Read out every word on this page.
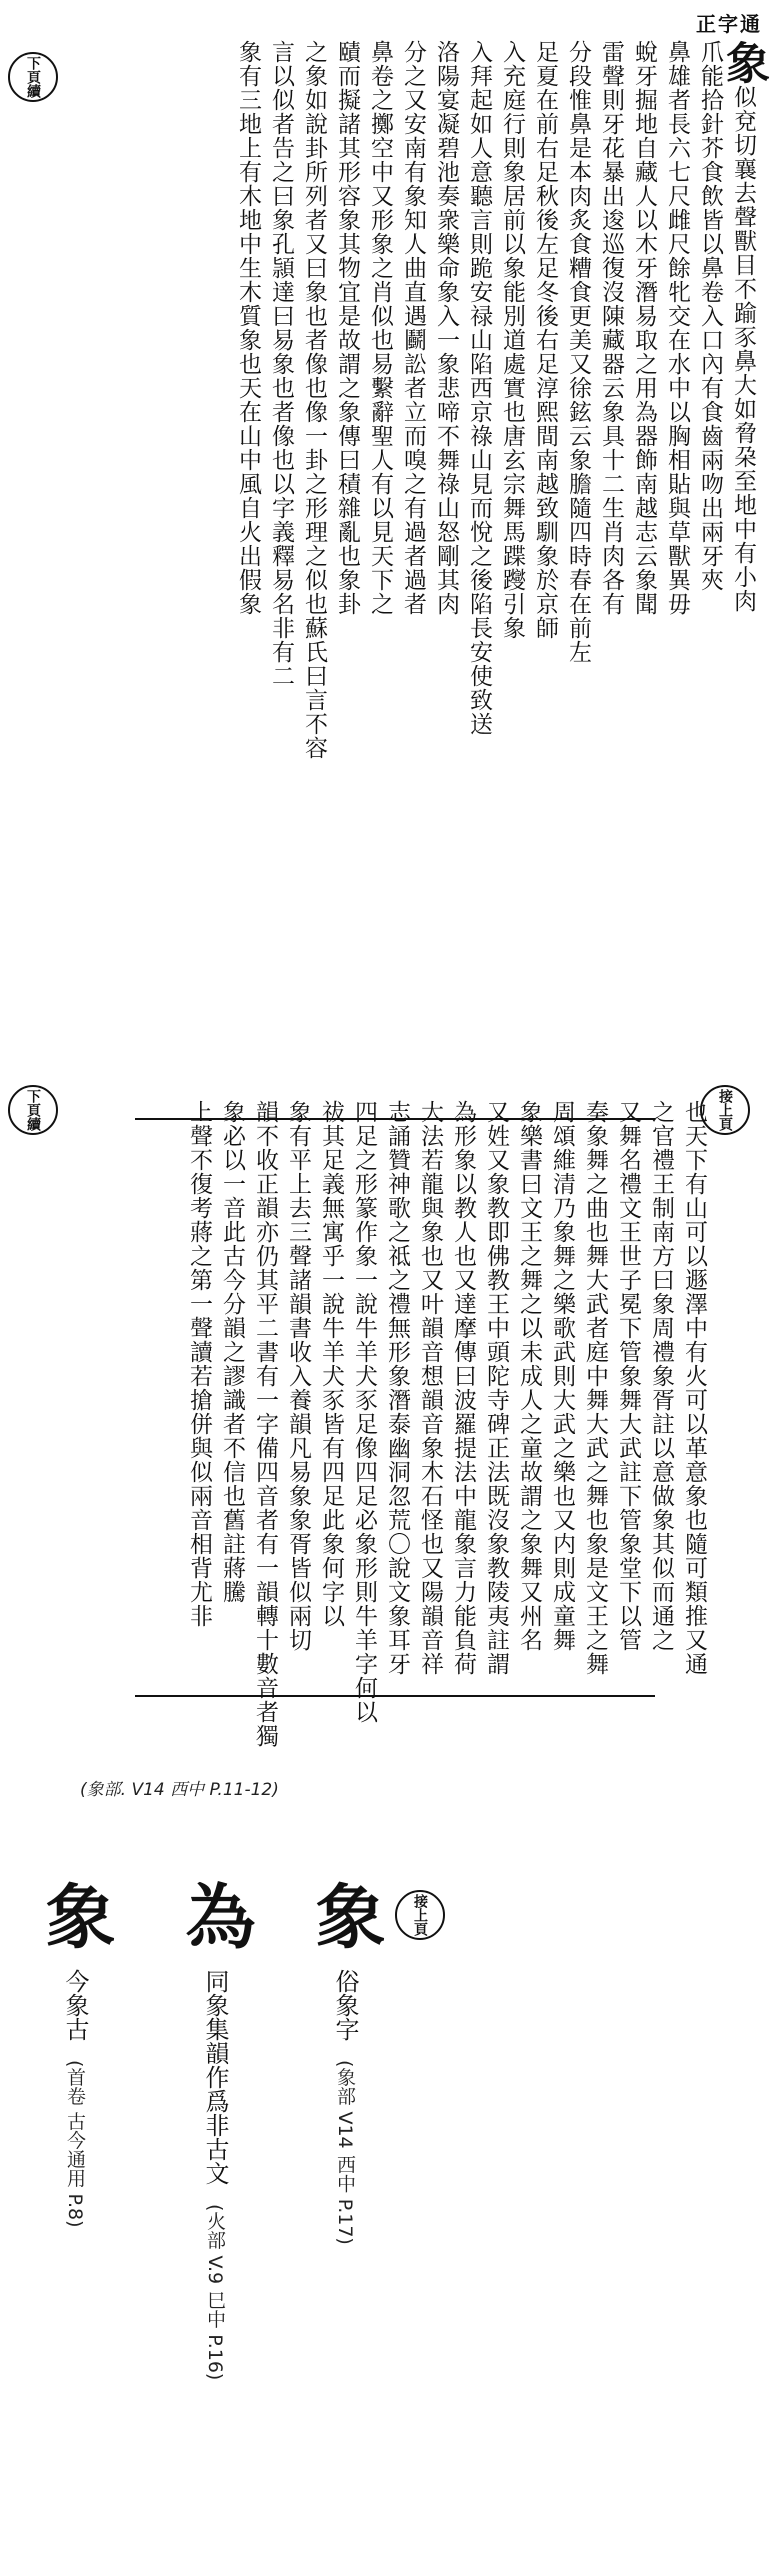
正字通
下頁續	象似兗切襄去聲獸目不踰豕鼻大如脅朶至地中有小肉

爪能拾針芥食飲皆以鼻卷入口內有食齒兩吻出兩牙夾

鼻雄者長六七尺雌尺餘牝交在水中以胸相貼與草獸異毋

蛻牙掘地自藏人以木牙潛易取之用為器飾南越志云象聞

雷聲則牙花暴出逡巡復沒陳藏器云象具十二生肖肉各有

分段惟鼻是本肉炙食糟食更美又徐鉉云象膽隨四時春在前左

足夏在前右足秋後左足冬後右足淳熙間南越致馴象於京師

入充庭行則象居前以象能別道處實也唐玄宗舞馬蹀躞引象

入拜起如人意聽言則跪安禄山陷西京祿山見而悅之後陷長安使致送

洛陽宴凝碧池奏衆樂命象入一象悲啼不舞祿山怒剛其肉

分之又安南有象知人曲直遇鬬訟者立而嗅之有過者過者

鼻卷之擲空中又形象之肖似也易繫辭聖人有以見天下之

賾而擬諸其形容象其物宜是故謂之象傳曰積雜亂也象卦

之象如說卦所列者又曰象也者像也像一卦之形理之似也蘇氏曰言不容

言以似者告之曰象孔頴達曰易象也者像也以字義釋易名非有二

象有三地上有木地中生木質象也天在山中風自火出假象

下頁續	接上頁

也天下有山可以遯澤中有火可以革意象也隨可類推又通

之官禮王制南方曰象周禮象胥註以意做象其似而通之

又舞名禮文王世子冕下管象舞大武註下管象堂下以管

奏象舞之曲也舞大武者庭中舞大武之舞也象是文王之舞

周頌維清乃象舞之樂歌武則大武之樂也又内則成童舞

象樂書曰文王之舞之以未成人之童故謂之象舞又州名

又姓又象教即佛教王中頭陀寺碑正法既沒象教陵夷註謂

為形象以教人也又達摩傳曰波羅提法中龍象言力能負荷

大法若龍與象也又叶韻音想韻音象木石怪也又陽韻音祥

志誦贊神歌之祗之禮無形象潛泰幽洞忽荒〇說文象耳牙

四足之形篆作象一說牛羊犬豕足像四足必象形則牛羊字何以

祓其足義無寓乎一說牛羊犬豕皆有四足此象何字以

象有平上去三聲諸韻書收入養韻凡易象象胥皆似兩切

韻不收正韻亦仍其平二書有一字備四音者有一韻轉十數音者獨

象必以一音此古今分韻之謬識者不信也舊註蔣騰

上聲不復考蔣之第一聲讀若搶併與似兩音相背尤非

(象部. V14 西中 P.11-12)
接上頁
象 俗象字 (象部 V14 西中 P.17)
為 同象集韻作爲非古文 (火部 V.9 巳中 P.16)
象 今象古 (首卷 古今通用 P.8)
